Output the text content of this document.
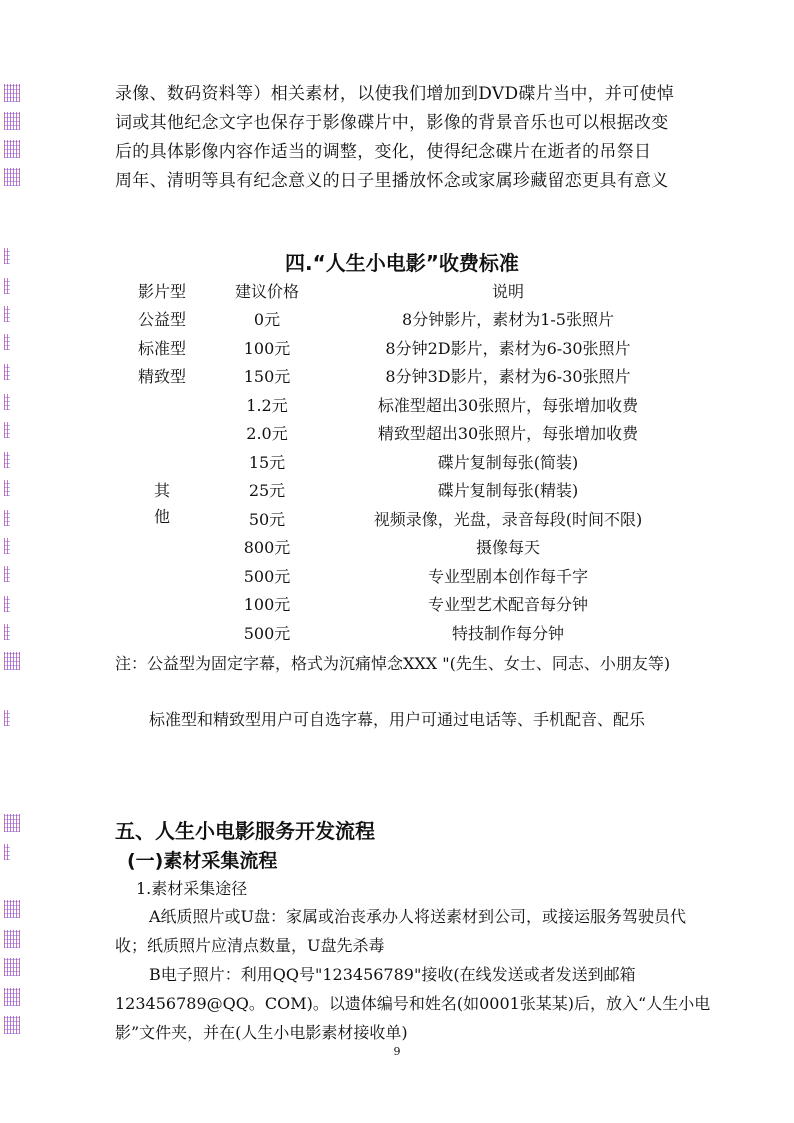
录像、数码资料等）相关素材，以使我们增加到DVD碟片当中，并可使悼

词或其他纪念文字也保存于影像碟片中，影像的背景音乐也可以根据改变

后的具体影像内容作适当的调整，变化，使得纪念碟片在逝者的吊祭日

周年、清明等具有纪念意义的日子里播放怀念或家属珍藏留恋更具有意义

四.“人生小电影”收费标准
影片型	建议价格	说明
公益型	0元	8分钟影片，素材为1-5张照片
标准型	100元	8分钟2D影片，素材为6-30张照片
精致型	150元	8分钟3D影片，素材为6-30张照片
	1.2元	标准型超出30张照片，每张增加收费
	2.0元	精致型超出30张照片，每张增加收费
	15元	碟片复制每张(简装)

其
他	25元	碟片复制每张(精装)
	50元	视频录像，光盘，录音每段(时间不限)
	800元	摄像每天
	500元	专业型剧本创作每千字
	100元	专业型艺术配音每分钟
	500元	特技制作每分钟

注：公益型为固定字幕，格式为沉痛悼念XXX "(先生、女士、同志、小朋友等)

标准型和精致型用户可自选字幕，用户可通过电话等、手机配音、配乐

五、人生小电影服务开发流程
(一)素材采集流程

1.素材采集途径

A纸质照片或U盘：家属或治丧承办人将送素材到公司，或接运服务驾驶员代收；纸质照片应清点数量，U盘先杀毒

B电子照片：利用QQ号"123456789"接收(在线发送或者发送到邮箱123456789@QQ。COM)。以遗体编号和姓名(如0001张某某)后，放入“人生小电影”文件夹，并在(人生小电影素材接收单)

9
